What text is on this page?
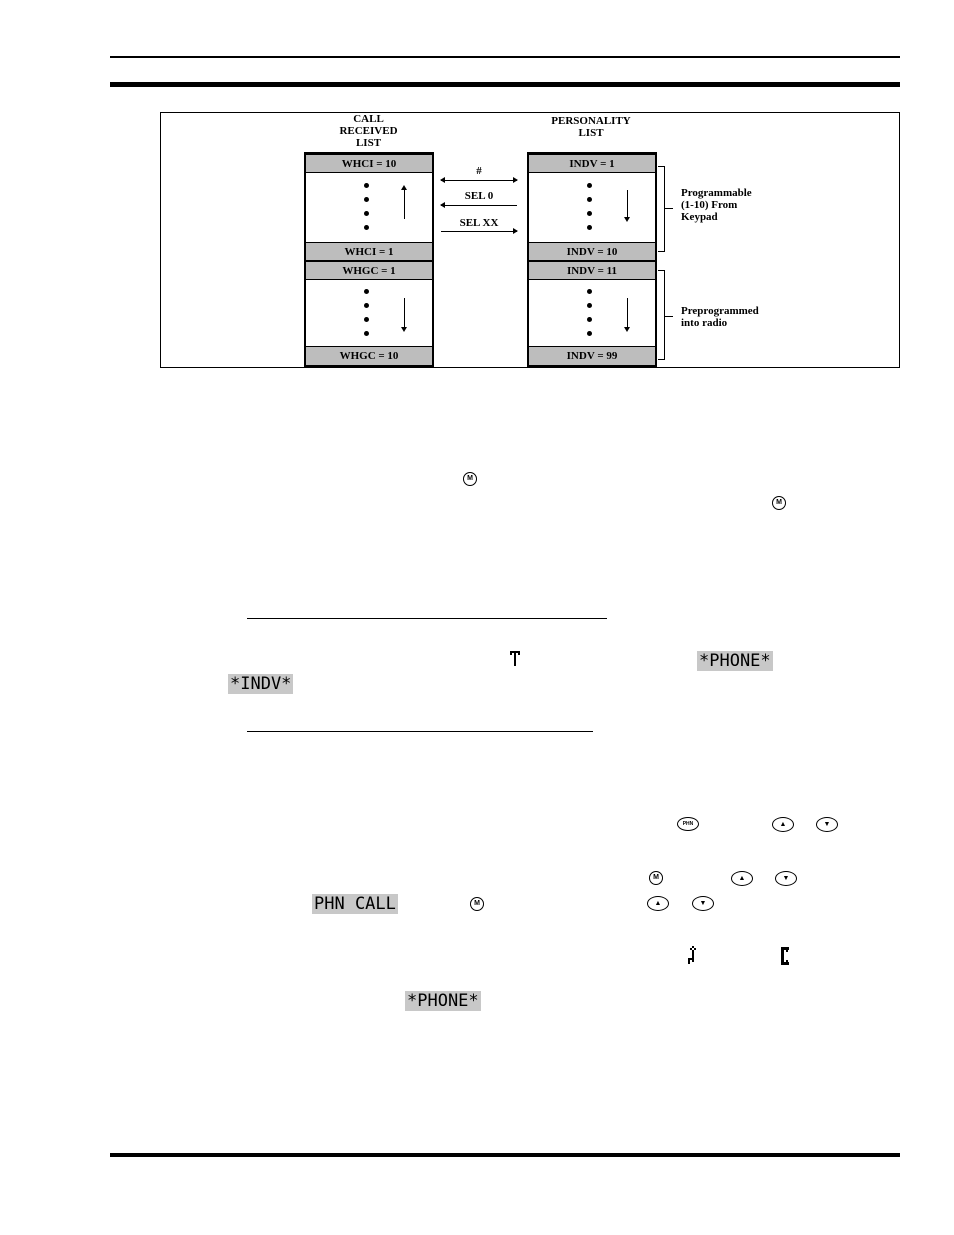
CALL
RECEIVED
LIST
PERSONALITY
LIST
WHCI = 10
WHCI = 1
WHGC = 1
WHGC = 10
#
SEL 0
SEL XX
INDV = 1
INDV = 10
INDV = 11
INDV = 99
Programmable
(1-10) From
Keypad
Preprogrammed
into radio
M
M
*PHONE*
*INDV*
PHN	▲	▼
M	▲	▼
PHN CALL	M	▲	▼
*PHONE*
